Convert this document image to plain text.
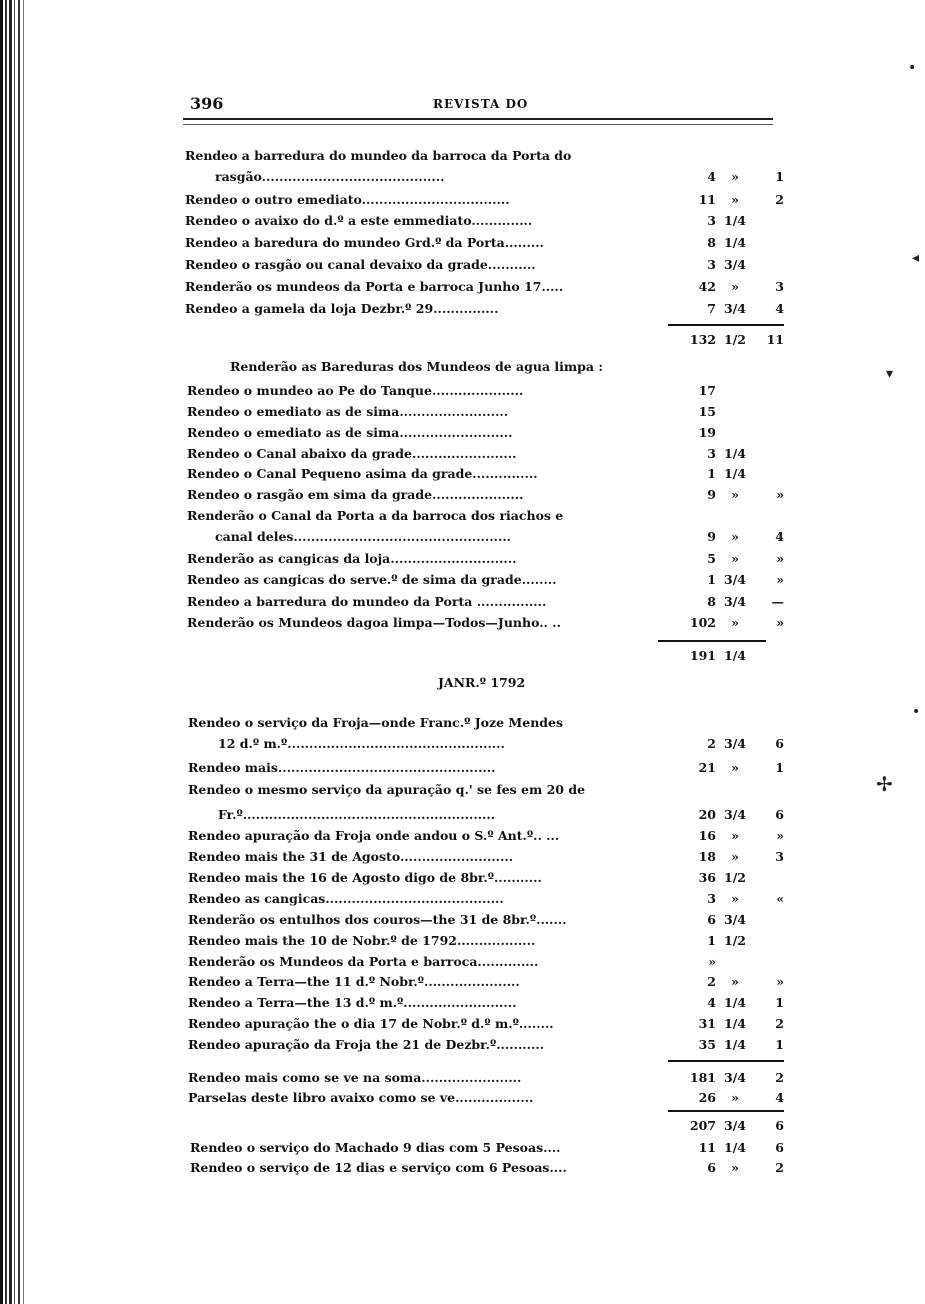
•
◂
▾
•
✢
396	REVISTA DO
Rendeo a barredura do mundeo da barroca da Porta do
rasgão..........................................	4	»	1
Rendeo o outro emediato..................................	11	»	2
Rendeo o avaixo do d.º a este emmediato..............	3 1/4
Rendeo a baredura do mundeo Grd.º da Porta.........	8 1/4
Rendeo o rasgão ou canal devaixo da grade...........	3 3/4
Renderão os mundeos da Porta e barroca Junho 17.....	42	»	3
Rendeo a gamela da loja Dezbr.º 29...............	7 3/4	4
132 1/2	11
Renderão as Bareduras dos Mundeos de agua limpa :
Rendeo o mundeo ao Pe do Tanque.....................	17
Rendeo o emediato as de sima.........................	15
Rendeo o emediato as de sima..........................	19
Rendeo o Canal abaixo da grade........................	3 1/4
Rendeo o Canal Pequeno asima da grade...............	1 1/4
Rendeo o rasgão em sima da grade.....................	9	»	»
Renderão o Canal da Porta a da barroca dos riachos e
canal deles..................................................	9	»	4
Renderão as cangicas da loja.............................	5	»	»
Rendeo as cangicas do serve.º de sima da grade........	1 3/4	»
Rendeo a barredura do mundeo da Porta ................	8 3/4	—
Renderão os Mundeos dagoa limpa—Todos—Junho.. ..	102	»	»
191 1/4
JANR.º 1792
Rendeo o serviço da Froja—onde Franc.º Joze Mendes
12 d.º m.º..................................................	2 3/4	6
Rendeo mais..................................................	21	»	1
Rendeo o mesmo serviço da apuração q.' se fes em 20 de
Fr.º..........................................................	20 3/4	6
Rendeo apuração da Froja onde andou o S.º Ant.º.. ...	16	»	»
Rendeo mais the 31 de Agosto..........................	18	»	3
Rendeo mais the 16 de Agosto digo de 8br.º...........	36 1/2
Rendeo as cangicas.........................................	3	»	«
Renderão os entulhos dos couros—the 31 de 8br.º.......	6 3/4
Rendeo mais the 10 de Nobr.º de 1792..................	1 1/2
Renderão os Mundeos da Porta e barroca..............	»
Rendeo a Terra—the 11 d.º Nobr.º......................	2	»	»
Rendeo a Terra—the 13 d.º m.º..........................	4 1/4	1
Rendeo apuração the o dia 17 de Nobr.º d.º m.º........	31 1/4	2
Rendeo apuração da Froja the 21 de Dezbr.º...........	35 1/4	1
Rendeo mais como se ve na soma.......................	181 3/4	2
Parselas deste libro avaixo como se ve..................	26	»	4
207 3/4	6
Rendeo o serviço do Machado 9 dias com 5 Pesoas....	11 1/4	6
Rendeo o serviço de 12 dias e serviço com 6 Pesoas....	6	»	2
